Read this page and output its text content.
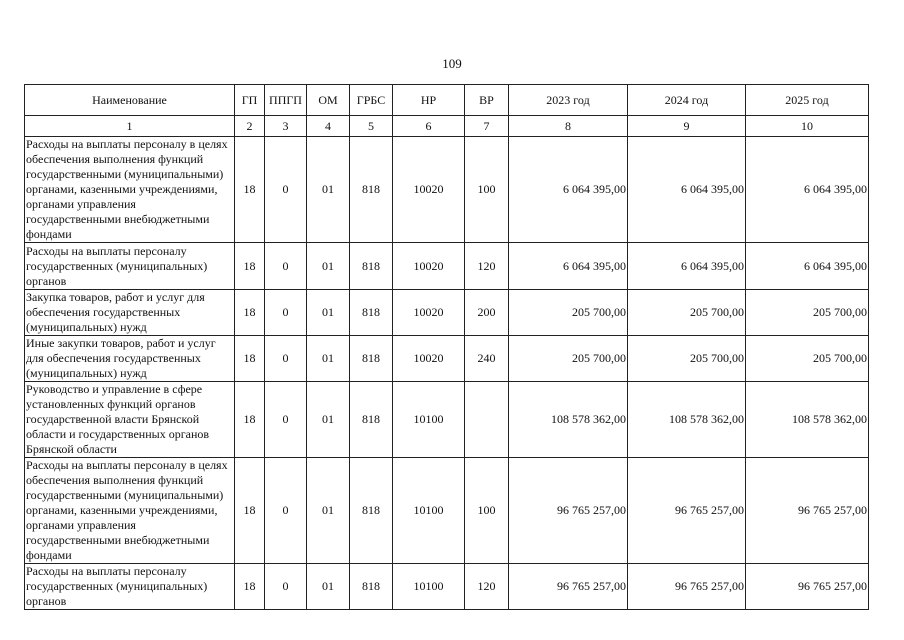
109
Наименование	ГП	ППГП	ОМ	ГРБС	НР	ВР	2023 год	2024 год	2025 год
1	2	3	4	5	6	7	8	9	10
Расходы на выплаты персоналу в целях обеспечения выполнения функций государственными (муниципальными) органами, казенными учреждениями, органами управления государственными внебюджетными фондами	18	0	01	818	10020	100	6 064 395,00	6 064 395,00	6 064 395,00
Расходы на выплаты персоналу государственных (муниципальных) органов	18	0	01	818	10020	120	6 064 395,00	6 064 395,00	6 064 395,00
Закупка товаров, работ и услуг для обеспечения государственных (муниципальных) нужд	18	0	01	818	10020	200	205 700,00	205 700,00	205 700,00
Иные закупки товаров, работ и услуг для обеспечения государственных (муниципальных) нужд	18	0	01	818	10020	240	205 700,00	205 700,00	205 700,00
Руководство и управление в сфере установленных функций органов государственной власти Брянской области и государственных органов Брянской области	18	0	01	818	10100		108 578 362,00	108 578 362,00	108 578 362,00
Расходы на выплаты персоналу в целях обеспечения выполнения функций государственными (муниципальными) органами, казенными учреждениями, органами управления государственными внебюджетными фондами	18	0	01	818	10100	100	96 765 257,00	96 765 257,00	96 765 257,00
Расходы на выплаты персоналу государственных (муниципальных) органов	18	0	01	818	10100	120	96 765 257,00	96 765 257,00	96 765 257,00
